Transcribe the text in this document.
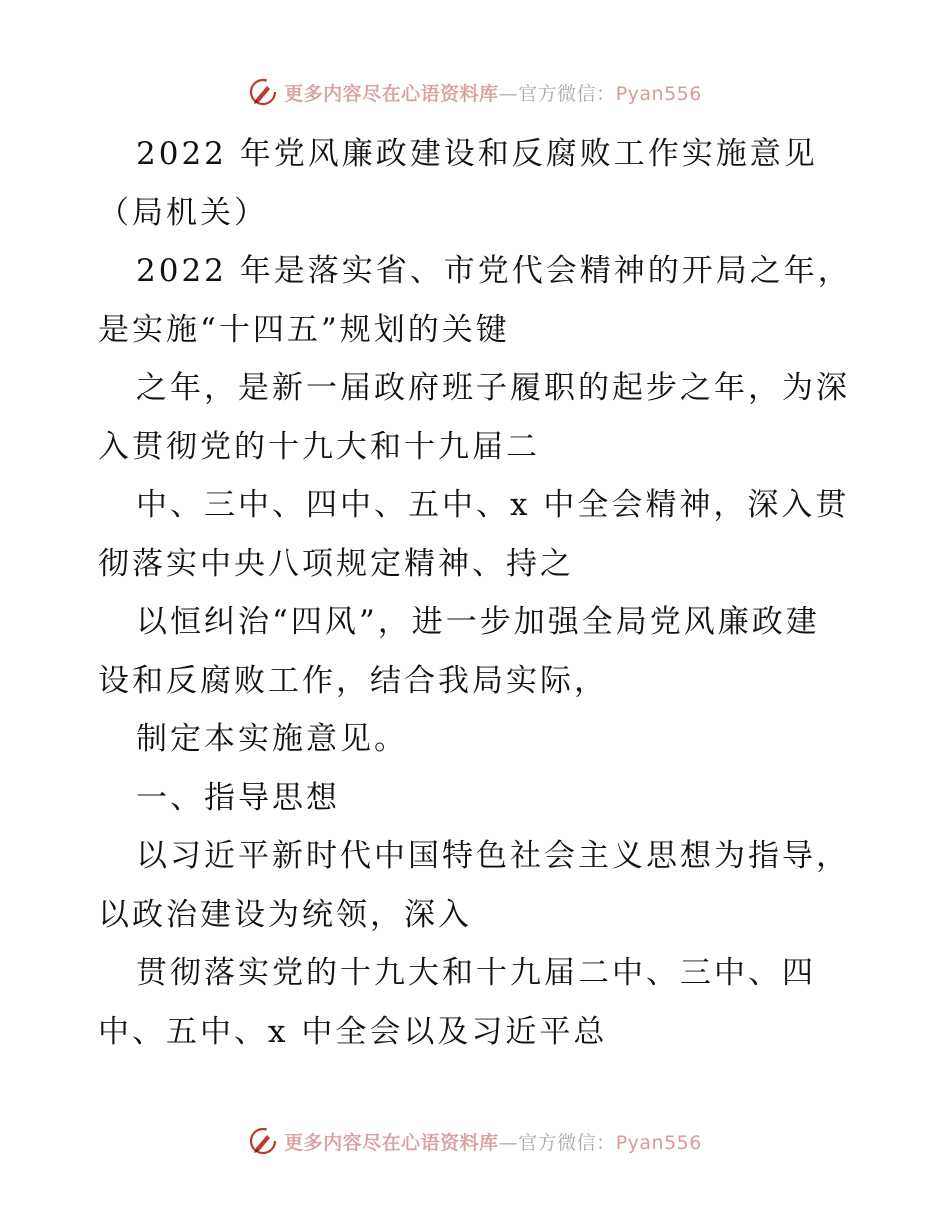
更多内容尽在心语资料库—官方微信：Pyan556
2022 年党风廉政建设和反腐败工作实施意见
（局机关）
2022 年是落实省、市党代会精神的开局之年，
是实施“十四五”规划的关键
之年，是新一届政府班子履职的起步之年，为深
入贯彻党的十九大和十九届二
中、三中、四中、五中、x 中全会精神，深入贯
彻落实中央八项规定精神、持之
以恒纠治“四风”，进一步加强全局党风廉政建
设和反腐败工作，结合我局实际，
制定本实施意见。
一、指导思想
以习近平新时代中国特色社会主义思想为指导，
以政治建设为统领，深入
贯彻落实党的十九大和十九届二中、三中、四
中、五中、x 中全会以及习近平总
更多内容尽在心语资料库—官方微信：Pyan556
